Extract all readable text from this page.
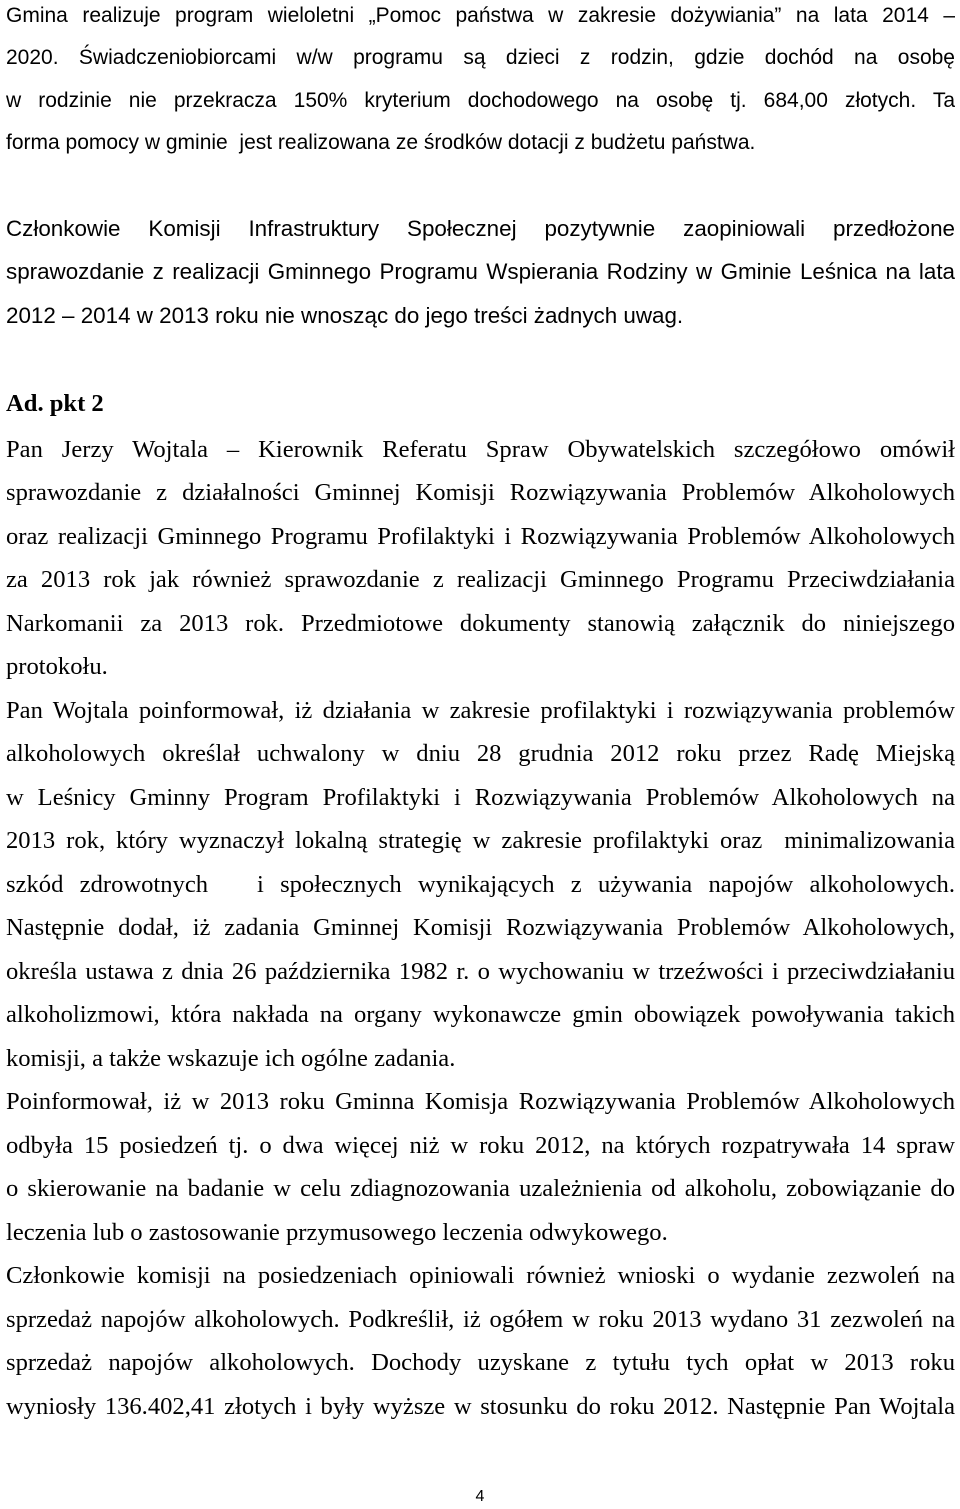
Gmina realizuje program wieloletni „Pomoc państwa w zakresie dożywiania” na lata 2014 –
2020. Świadczeniobiorcami w/w programu są dzieci z rodzin, gdzie dochód na osobę
w rodzinie nie przekracza 150% kryterium dochodowego na osobę tj. 684,00 złotych. Ta
forma pomocy w gminie  jest realizowana ze środków dotacji z budżetu państwa.
Członkowie Komisji Infrastruktury Społecznej pozytywnie zaopiniowali przedłożone
sprawozdanie z realizacji Gminnego Programu Wspierania Rodziny w Gminie Leśnica na lata
2012 – 2014 w 2013 roku nie wnosząc do jego treści żadnych uwag.
Ad. pkt 2
Pan Jerzy Wojtala – Kierownik Referatu Spraw Obywatelskich szczegółowo omówił
sprawozdanie z działalności Gminnej Komisji Rozwiązywania Problemów Alkoholowych
oraz realizacji Gminnego Programu Profilaktyki i Rozwiązywania Problemów Alkoholowych
za 2013 rok jak również sprawozdanie z realizacji Gminnego Programu Przeciwdziałania
Narkomanii za 2013 rok. Przedmiotowe dokumenty stanowią załącznik do niniejszego
protokołu.
Pan Wojtala poinformował, iż działania w zakresie profilaktyki i rozwiązywania problemów
alkoholowych określał uchwalony w dniu 28 grudnia 2012 roku przez Radę Miejską
w Leśnicy Gminny Program Profilaktyki i Rozwiązywania Problemów Alkoholowych na
2013 rok, który wyznaczył lokalną strategię w zakresie profilaktyki oraz  minimalizowania
szkód zdrowotnych   i społecznych wynikających z używania napojów alkoholowych.
Następnie dodał, iż zadania Gminnej Komisji Rozwiązywania Problemów Alkoholowych,
określa ustawa z dnia 26 października 1982 r. o wychowaniu w trzeźwości i przeciwdziałaniu
alkoholizmowi, która nakłada na organy wykonawcze gmin obowiązek powoływania takich
komisji, a także wskazuje ich ogólne zadania.
Poinformował, iż w 2013 roku Gminna Komisja Rozwiązywania Problemów Alkoholowych
odbyła 15 posiedzeń tj. o dwa więcej niż w roku 2012, na których rozpatrywała 14 spraw
o skierowanie na badanie w celu zdiagnozowania uzależnienia od alkoholu, zobowiązanie do
leczenia lub o zastosowanie przymusowego leczenia odwykowego.
Członkowie komisji na posiedzeniach opiniowali również wnioski o wydanie zezwoleń na
sprzedaż napojów alkoholowych. Podkreślił, iż ogółem w roku 2013 wydano 31 zezwoleń na
sprzedaż napojów alkoholowych. Dochody uzyskane z tytułu tych opłat w 2013 roku
wyniosły 136.402,41 złotych i były wyższe w stosunku do roku 2012. Następnie Pan Wojtala
4
